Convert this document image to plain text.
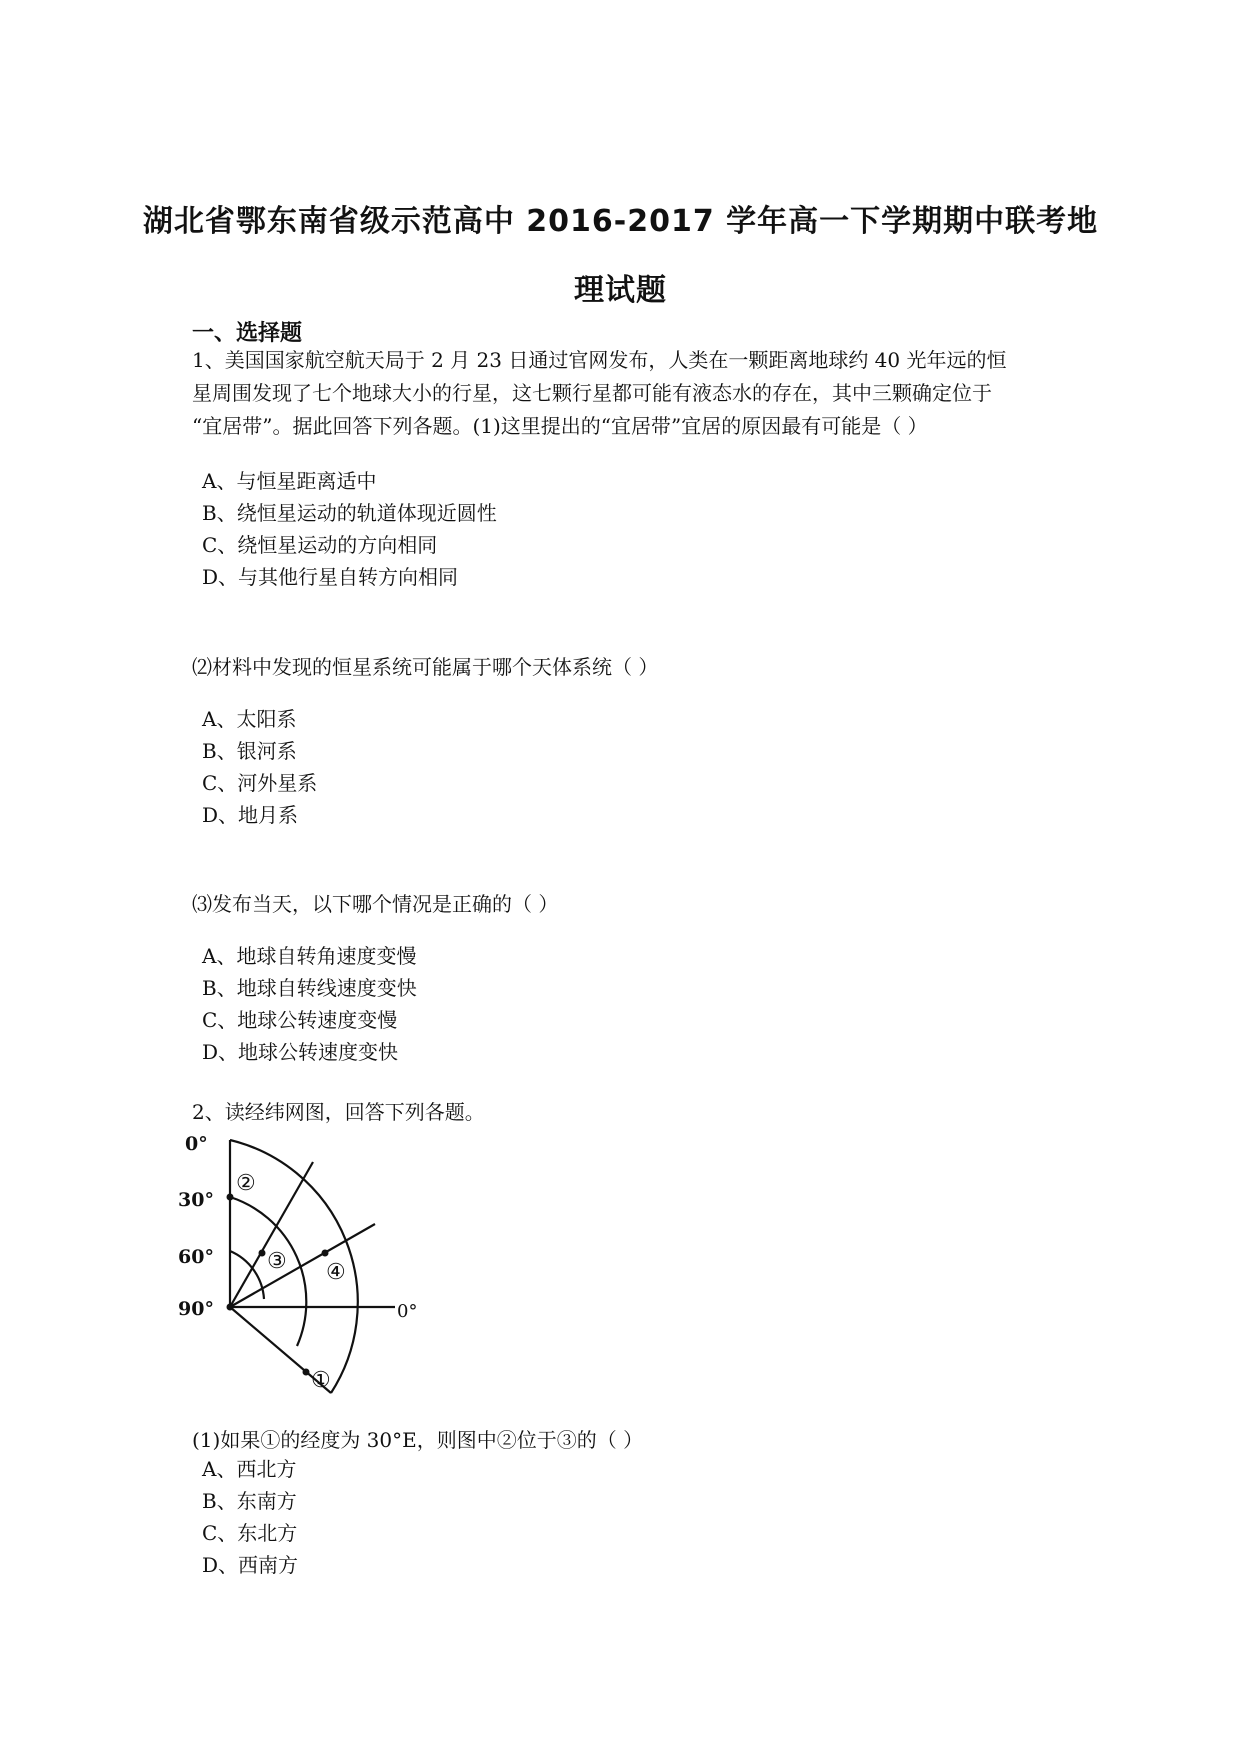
湖北省鄂东南省级示范高中 2016-2017 学年高一下学期期中联考地
理试题
一、选择题
1、美国国家航空航天局于 2 月 23 日通过官网发布，人类在一颗距离地球约 40 光年远的恒
星周围发现了七个地球大小的行星，这七颗行星都可能有液态水的存在，其中三颗确定位于
“宜居带”。据此回答下列各题。(1)这里提出的“宜居带”宜居的原因最有可能是（ ）
A、与恒星距离适中
B、绕恒星运动的轨道体现近圆性
C、绕恒星运动的方向相同
D、与其他行星自转方向相同
⑵材料中发现的恒星系统可能属于哪个天体系统（ ）
A、太阳系
B、银河系
C、河外星系
D、地月系
⑶发布当天，以下哪个情况是正确的（ ）
A、地球自转角速度变慢
B、地球自转线速度变快
C、地球公转速度变慢
D、地球公转速度变快
2、读经纬网图，回答下列各题。
0°
30°
60°
90°	0°
②
③ ④
①
(1)如果①的经度为 30°E，则图中②位于③的（ ）
A、西北方
B、东南方
C、东北方
D、西南方
